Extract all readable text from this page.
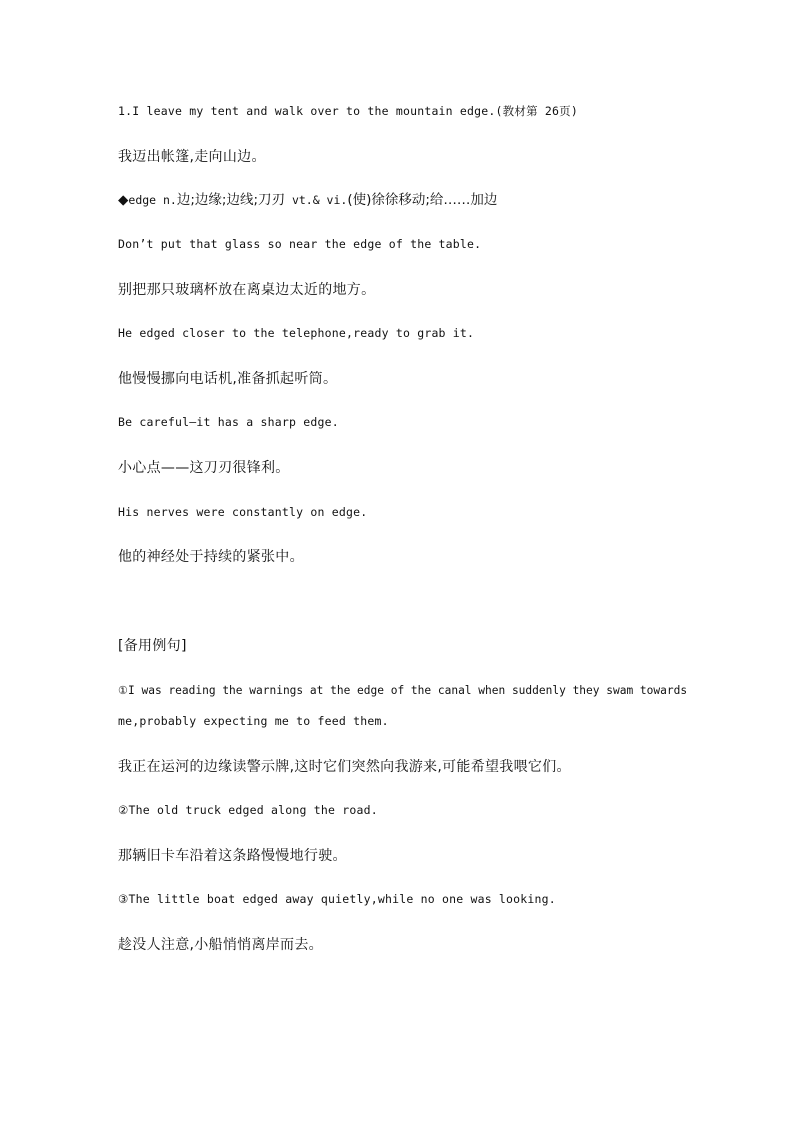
1.I leave my tent and walk over to the mountain edge.(教材第 26页)
我迈出帐篷,走向山边。
◆edge n.边;边缘;边线;刀刃 vt.& vi.(使)徐徐移动;给……加边
Don’t put that glass so near the edge of the table.
别把那只玻璃杯放在离桌边太近的地方。
He edged closer to the telephone,ready to grab it.
他慢慢挪向电话机,准备抓起听筒。
Be careful—it has a sharp edge.
小心点——这刀刃很锋利。
His nerves were constantly on edge.
他的神经处于持续的紧张中。
[备用例句]
①I was reading the warnings at the edge of the canal when suddenly they swam towards
me,probably expecting me to feed them.
我正在运河的边缘读警示牌,这时它们突然向我游来,可能希望我喂它们。
②The old truck edged along the road.
那辆旧卡车沿着这条路慢慢地行驶。
③The little boat edged away quietly,while no one was looking.
趁没人注意,小船悄悄离岸而去。
